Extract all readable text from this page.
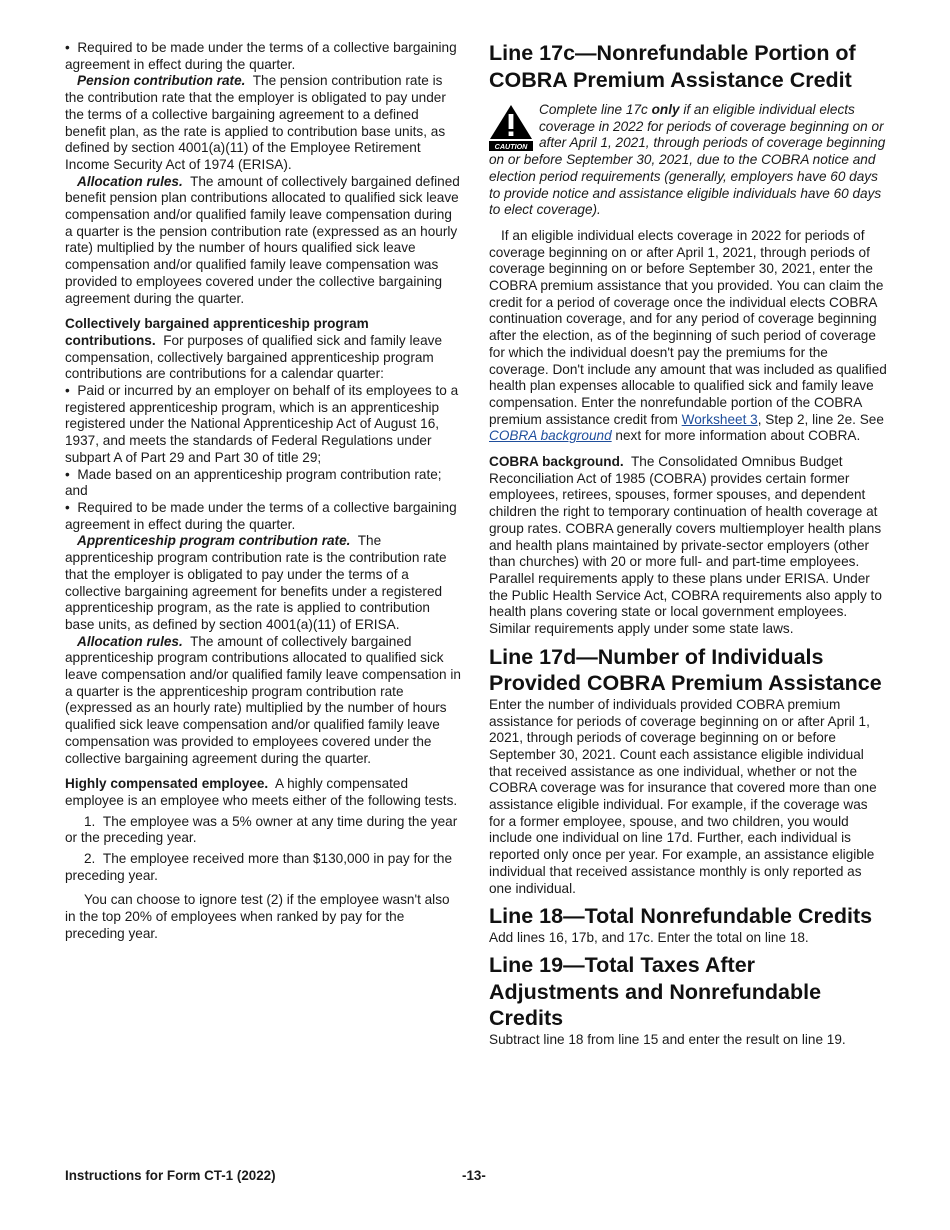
•  Required to be made under the terms of a collective bargaining agreement in effect during the quarter.

Pension contribution rate. The pension contribution rate is the contribution rate that the employer is obligated to pay under the terms of a collective bargaining agreement to a defined benefit plan, as the rate is applied to contribution base units, as defined by section 4001(a)(11) of the Employee Retirement Income Security Act of 1974 (ERISA).

Allocation rules. The amount of collectively bargained defined benefit pension plan contributions allocated to qualified sick leave compensation and/or qualified family leave compensation during a quarter is the pension contribution rate (expressed as an hourly rate) multiplied by the number of hours qualified sick leave compensation and/or qualified family leave compensation was provided to employees covered under the collective bargaining agreement during the quarter.

Collectively bargained apprenticeship program contributions. For purposes of qualified sick and family leave compensation, collectively bargained apprenticeship program contributions are contributions for a calendar quarter:

•  Paid or incurred by an employer on behalf of its employees to a registered apprenticeship program, which is an apprenticeship registered under the National Apprenticeship Act of August 16, 1937, and meets the standards of Federal Regulations under subpart A of Part 29 and Part 30 of title 29;

•  Made based on an apprenticeship program contribution rate; and

•  Required to be made under the terms of a collective bargaining agreement in effect during the quarter.

Apprenticeship program contribution rate. The apprenticeship program contribution rate is the contribution rate that the employer is obligated to pay under the terms of a collective bargaining agreement for benefits under a registered apprenticeship program, as the rate is applied to contribution base units, as defined by section 4001(a)(11) of ERISA.

Allocation rules. The amount of collectively bargained apprenticeship program contributions allocated to qualified sick leave compensation and/or qualified family leave compensation in a quarter is the apprenticeship program contribution rate (expressed as an hourly rate) multiplied by the number of hours qualified sick leave compensation and/or qualified family leave compensation was provided to employees covered under the collective bargaining agreement during the quarter.

Highly compensated employee. A highly compensated employee is an employee who meets either of the following tests.

1.  The employee was a 5% owner at any time during the year or the preceding year.

2.  The employee received more than $130,000 in pay for the preceding year.

You can choose to ignore test (2) if the employee wasn't also in the top 20% of employees when ranked by pay for the preceding year.

Line 17c—Nonrefundable Portion of COBRA Premium Assistance Credit
CAUTION

Complete line 17c only if an eligible individual elects coverage in 2022 for periods of coverage beginning on or after April 1, 2021, through periods of coverage beginning on or before September 30, 2021, due to the COBRA notice and election period requirements (generally, employers have 60 days to provide notice and assistance eligible individuals have 60 days to elect coverage).

If an eligible individual elects coverage in 2022 for periods of coverage beginning on or after April 1, 2021, through periods of coverage beginning on or before September 30, 2021, enter the COBRA premium assistance that you provided. You can claim the credit for a period of coverage once the individual elects COBRA continuation coverage, and for any period of coverage beginning after the election, as of the beginning of such period of coverage for which the individual doesn't pay the premiums for the coverage. Don't include any amount that was included as qualified health plan expenses allocable to qualified sick and family leave compensation. Enter the nonrefundable portion of the COBRA premium assistance credit from Worksheet 3, Step 2, line 2e. See COBRA background next for more information about COBRA.

COBRA background. The Consolidated Omnibus Budget Reconciliation Act of 1985 (COBRA) provides certain former employees, retirees, spouses, former spouses, and dependent children the right to temporary continuation of health coverage at group rates. COBRA generally covers multiemployer health plans and health plans maintained by private-sector employers (other than churches) with 20 or more full- and part-time employees. Parallel requirements apply to these plans under ERISA. Under the Public Health Service Act, COBRA requirements also apply to health plans covering state or local government employees. Similar requirements apply under some state laws.

Line 17d—Number of Individuals Provided COBRA Premium Assistance

Enter the number of individuals provided COBRA premium assistance for periods of coverage beginning on or after April 1, 2021, through periods of coverage beginning on or before September 30, 2021. Count each assistance eligible individual that received assistance as one individual, whether or not the COBRA coverage was for insurance that covered more than one assistance eligible individual. For example, if the coverage was for a former employee, spouse, and two children, you would include one individual on line 17d. Further, each individual is reported only once per year. For example, an assistance eligible individual that received assistance monthly is only reported as one individual.

Line 18—Total Nonrefundable Credits

Add lines 16, 17b, and 17c. Enter the total on line 18.

Line 19—Total Taxes After Adjustments and Nonrefundable Credits

Subtract line 18 from line 15 and enter the result on line 19.

Instructions for Form CT-1 (2022)	-13-
